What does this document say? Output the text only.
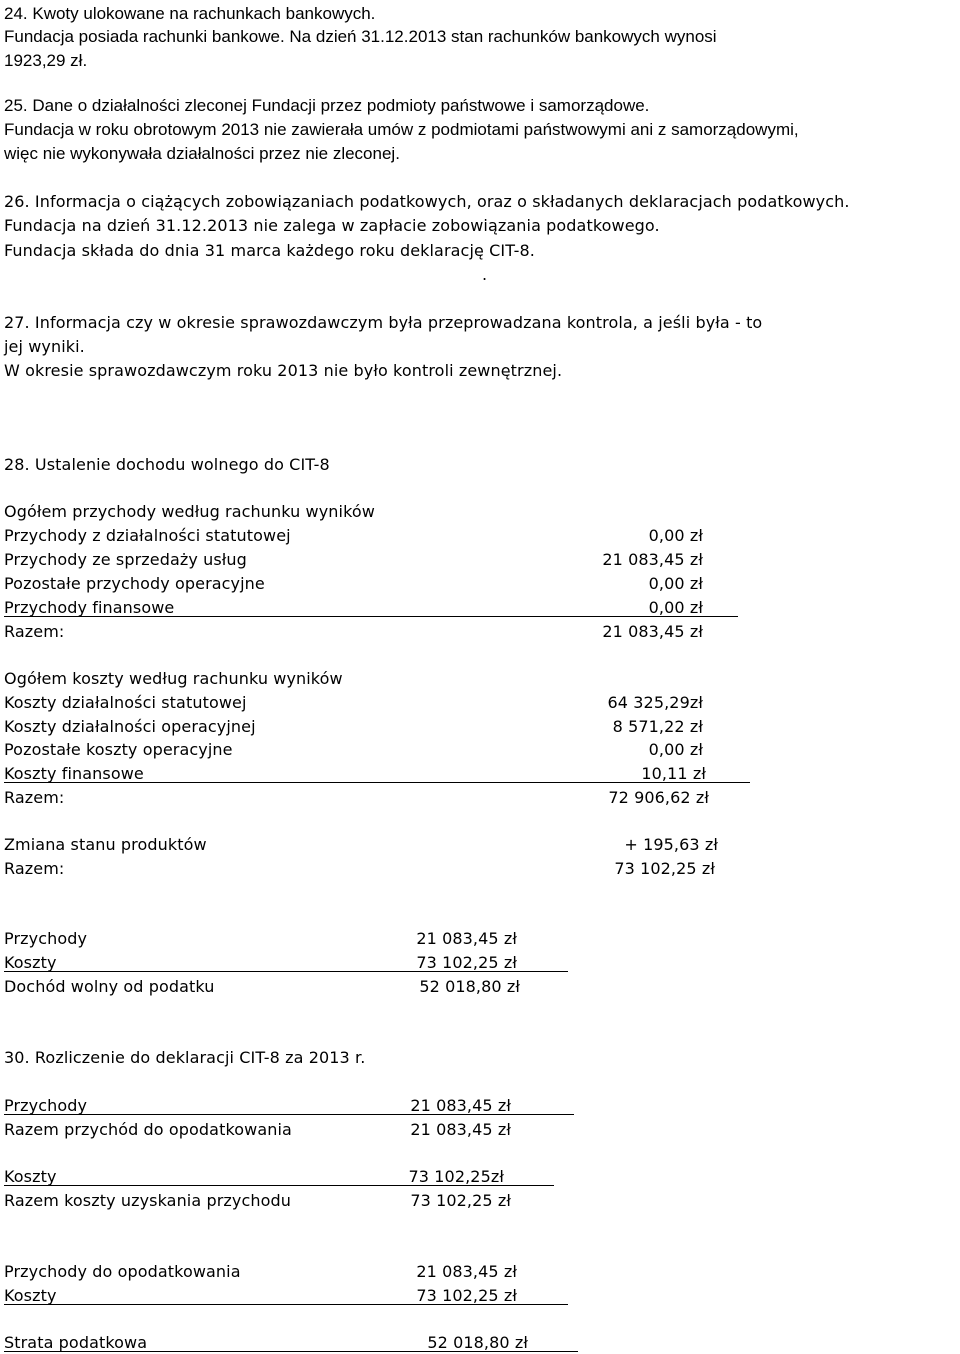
24. Kwoty ulokowane na rachunkach bankowych.
Fundacja posiada rachunki bankowe. Na dzień 31.12.2013 stan rachunków bankowych wynosi
1923,29 zł.
25. Dane o działalności zleconej Fundacji przez podmioty państwowe i samorządowe.
Fundacja w roku obrotowym 2013 nie zawierała umów z podmiotami państwowymi ani z samorządowymi,
więc nie wykonywała działalności przez nie zleconej.
26. Informacja o ciążących zobowiązaniach podatkowych, oraz o składanych deklaracjach podatkowych.
Fundacja na dzień 31.12.2013 nie zalega w zapłacie zobowiązania podatkowego.
Fundacja składa do dnia 31 marca każdego roku deklarację CIT-8.
.
27. Informacja czy w okresie sprawozdawczym była przeprowadzana kontrola, a jeśli była - to
jej wyniki.
W okresie sprawozdawczym roku 2013 nie było kontroli zewnętrznej.
28. Ustalenie dochodu wolnego do CIT-8
Ogółem przychody według rachunku wyników
Przychody z działalności statutowej	0,00 zł
Przychody ze sprzedaży usług	21 083,45 zł
Pozostałe przychody operacyjne	0,00 zł
Przychody finansowe	0,00 zł
Razem:	21 083,45 zł
Ogółem koszty według rachunku wyników
Koszty działalności statutowej	64 325,29zł
Koszty działalności operacyjnej	8 571,22 zł
Pozostałe koszty operacyjne	0,00 zł
Koszty finansowe	10,11 zł
Razem:	72 906,62 zł
Zmiana stanu produktów	+ 195,63 zł
Razem:	73 102,25 zł
Przychody	21 083,45 zł
Koszty	73 102,25 zł
Dochód wolny od podatku	52 018,80 zł
30. Rozliczenie do deklaracji CIT-8 za 2013 r.
Przychody	21 083,45 zł
Razem przychód do opodatkowania	21 083,45 zł
Koszty	73 102,25zł
Razem koszty uzyskania przychodu	73 102,25 zł
Przychody do opodatkowania	21 083,45 zł
Koszty	73 102,25 zł
Strata podatkowa	52 018,80 zł
